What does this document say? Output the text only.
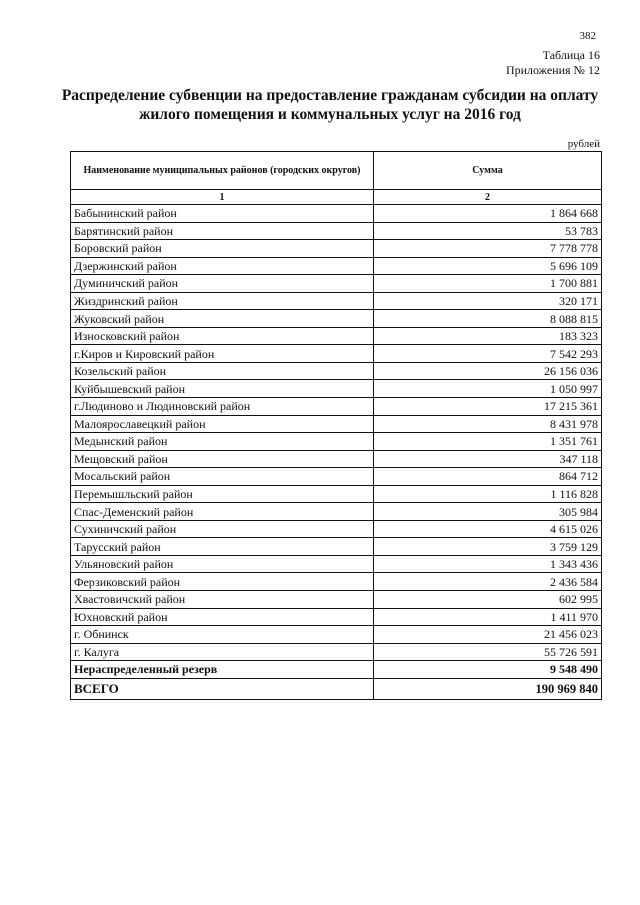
382
Таблица 16
Приложения № 12
Распределение субвенции на предоставление гражданам субсидии на оплату жилого помещения и коммунальных услуг на 2016 год
рублей
Наименование муниципальных районов (городских округов)	Сумма
1	2
Бабынинский район	1 864 668
Барятинский район	53 783
Боровский район	7 778 778
Дзержинский район	5 696 109
Думиничский район	1 700 881
Жиздринский район	320 171
Жуковский район	8 088 815
Износковский район	183 323
г.Киров и Кировский район	7 542 293
Козельский район	26 156 036
Куйбышевский район	1 050 997
г.Людиново и Людиновский район	17 215 361
Малоярославецкий район	8 431 978
Медынский район	1 351 761
Мещовский район	347 118
Мосальский район	864 712
Перемышльский район	1 116 828
Спас-Деменский район	305 984
Сухиничский район	4 615 026
Тарусский район	3 759 129
Ульяновский район	1 343 436
Ферзиковский район	2 436 584
Хвастовичский район	602 995
Юхновский район	1 411 970
г. Обнинск	21 456 023
г. Калуга	55 726 591
Нераспределенный резерв	9 548 490
ВСЕГО	190 969 840
